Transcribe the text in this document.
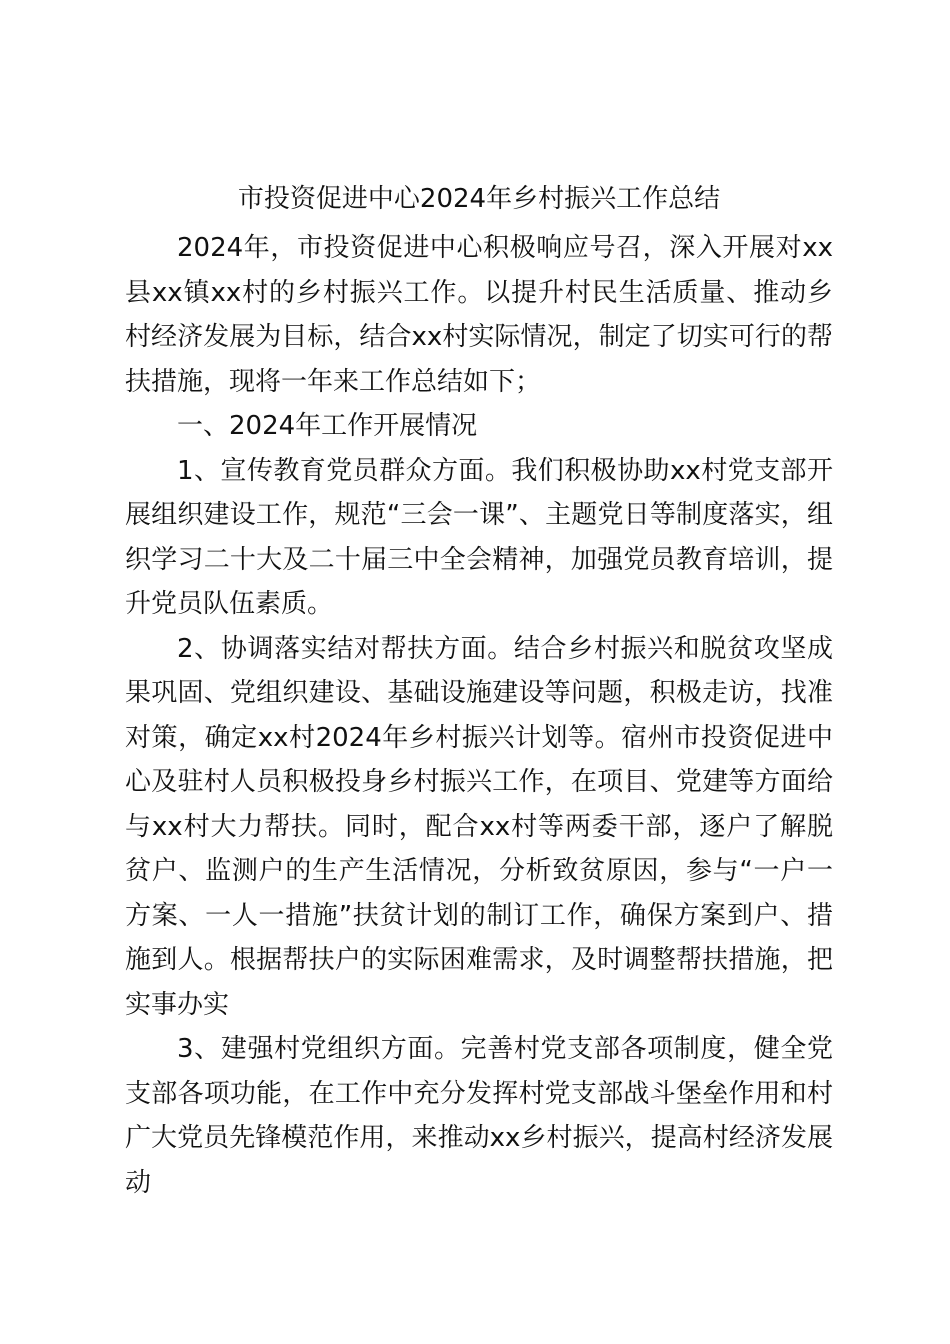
市投资促进中心2024年乡村振兴工作总结

2024年，市投资促进中心积极响应号召，深入开展对xx县xx镇xx村的乡村振兴工作。以提升村民生活质量、推动乡村经济发展为目标，结合xx村实际情况，制定了切实可行的帮扶措施，现将一年来工作总结如下；

一、2024年工作开展情况

1、宣传教育党员群众方面。我们积极协助xx村党支部开展组织建设工作，规范“三会一课”、主题党日等制度落实，组织学习二十大及二十届三中全会精神，加强党员教育培训，提升党员队伍素质。

2、协调落实结对帮扶方面。结合乡村振兴和脱贫攻坚成果巩固、党组织建设、基础设施建设等问题，积极走访，找准对策，确定xx村2024年乡村振兴计划等。宿州市投资促进中心及驻村人员积极投身乡村振兴工作，在项目、党建等方面给与xx村大力帮扶。同时，配合xx村等两委干部，逐户了解脱贫户、监测户的生产生活情况，分析致贫原因，参与“一户一方案、一人一措施”扶贫计划的制订工作，确保方案到户、措施到人。根据帮扶户的实际困难需求，及时调整帮扶措施，把实事办实

3、建强村党组织方面。完善村党支部各项制度，健全党支部各项功能，在工作中充分发挥村党支部战斗堡垒作用和村广大党员先锋模范作用，来推动xx乡村振兴，提高村经济发展动
